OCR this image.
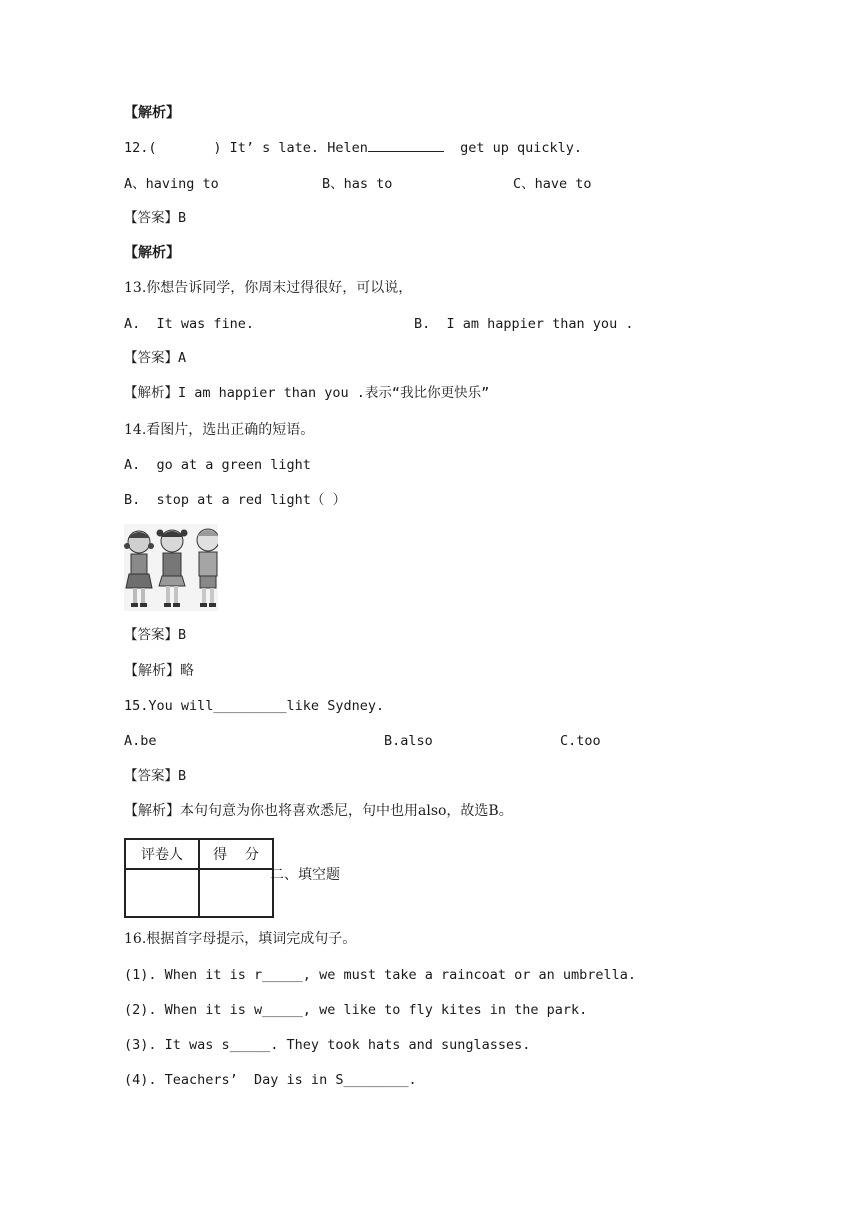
【解析】
12.(       ) It’ s late. Helen	get up quickly.
A、having to	B、has to	C、have to
【答案】B
【解析】
13.你想告诉同学，你周末过得很好，可以说，
A.  It was fine.	B.  I am happier than you .
【答案】A
【解析】I am happier than you .表示“我比你更快乐”
14.看图片，选出正确的短语。
A.  go at a green light
B.  stop at a red light（ ）
【答案】B
【解析】略
15.You will_________like Sydney.
A.be	B.also	C.too
【答案】B
【解析】本句句意为你也将喜欢悉尼，句中也用also，故选B。
评卷人	得    分

二、填空题
16.根据首字母提示，填词完成句子。
(1). When it is r_____, we must take a raincoat or an umbrella.
(2). When it is w_____, we like to fly kites in the park.
(3). It was s_____. They took hats and sunglasses.
(4). Teachers’  Day is in S________.
